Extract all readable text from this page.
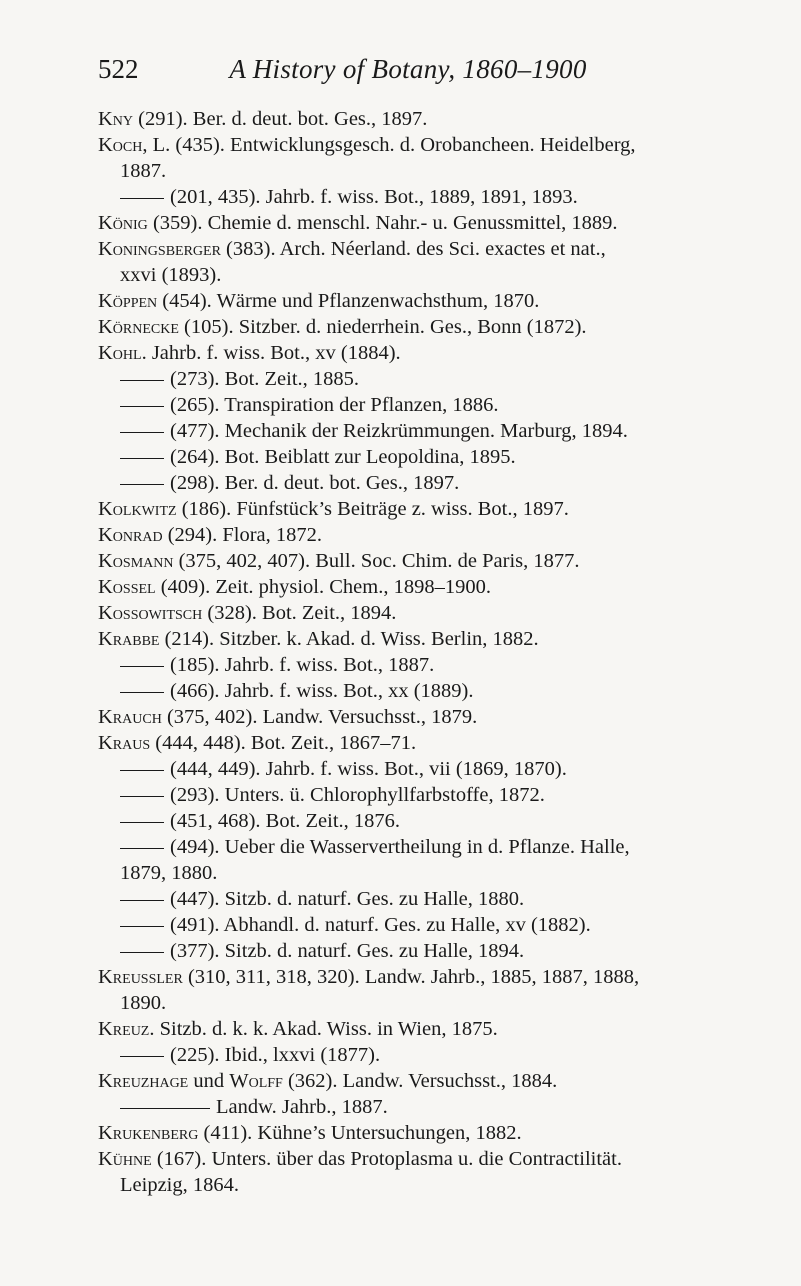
522	A History of Botany, 1860–1900
Kny (291). Ber. d. deut. bot. Ges., 1897.
Koch, L. (435). Entwicklungsgesch. d. Orobancheen. Heidelberg,
1887.
(201, 435). Jahrb. f. wiss. Bot., 1889, 1891, 1893.
König (359). Chemie d. menschl. Nahr.- u. Genussmittel, 1889.
Koningsberger (383). Arch. Néerland. des Sci. exactes et nat.,
xxvi (1893).
Köppen (454). Wärme und Pflanzenwachsthum, 1870.
Körnecke (105). Sitzber. d. niederrhein. Ges., Bonn (1872).
Kohl. Jahrb. f. wiss. Bot., xv (1884).
(273). Bot. Zeit., 1885.
(265). Transpiration der Pflanzen, 1886.
(477). Mechanik der Reizkrümmungen. Marburg, 1894.
(264). Bot. Beiblatt zur Leopoldina, 1895.
(298). Ber. d. deut. bot. Ges., 1897.
Kolkwitz (186). Fünfstück’s Beiträge z. wiss. Bot., 1897.
Konrad (294). Flora, 1872.
Kosmann (375, 402, 407). Bull. Soc. Chim. de Paris, 1877.
Kossel (409). Zeit. physiol. Chem., 1898–1900.
Kossowitsch (328). Bot. Zeit., 1894.
Krabbe (214). Sitzber. k. Akad. d. Wiss. Berlin, 1882.
(185). Jahrb. f. wiss. Bot., 1887.
(466). Jahrb. f. wiss. Bot., xx (1889).
Krauch (375, 402). Landw. Versuchsst., 1879.
Kraus (444, 448). Bot. Zeit., 1867–71.
(444, 449). Jahrb. f. wiss. Bot., vii (1869, 1870).
(293). Unters. ü. Chlorophyllfarbstoffe, 1872.
(451, 468). Bot. Zeit., 1876.
(494). Ueber die Wasservertheilung in d. Pflanze. Halle,
1879, 1880.
(447). Sitzb. d. naturf. Ges. zu Halle, 1880.
(491). Abhandl. d. naturf. Ges. zu Halle, xv (1882).
(377). Sitzb. d. naturf. Ges. zu Halle, 1894.
Kreussler (310, 311, 318, 320). Landw. Jahrb., 1885, 1887, 1888,
1890.
Kreuz. Sitzb. d. k. k. Akad. Wiss. in Wien, 1875.
(225). Ibid., lxxvi (1877).
Kreuzhage und Wolff (362). Landw. Versuchsst., 1884.
Landw. Jahrb., 1887.
Krukenberg (411). Kühne’s Untersuchungen, 1882.
Kühne (167). Unters. über das Protoplasma u. die Contractilität.
Leipzig, 1864.
